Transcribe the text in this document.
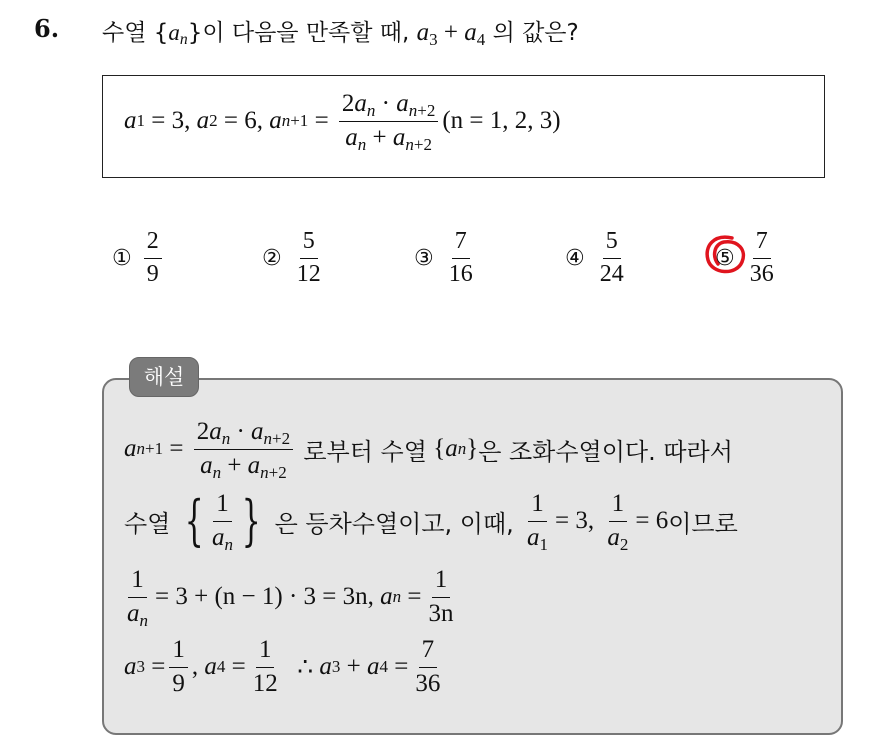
6. 수열 $\{a_n\}$이 다음을 만족할 때, $a_3 + a_4$ 의 값은?
a 1
= 3,
a 2
= 6,
a $n+1 = \frac{2a_n \cdot a_{n+2}}{a_n + a_{n+2}} (n = 1$, 2, 3)
① $\frac{2}{9}$	② $\frac{5}{12}$	③ $\frac{7}{16}$	④ $\frac{5}{24}$	⑤ $\frac{7}{36}$
해설
a $n+1 = \frac{2a_n \cdot a_{n+2}}{a_n + a_{n+2}}$
로부터 수열 { a n } 은 조화수열이다. 따라서
수열
{ $\frac{1}{a_n}$ }
은 등차수열이고, 이때,
$\frac{1}{a_1} = 3$,
$\frac{1}{a_2} = 6$ 이므로
$\frac{1}{a_n} = 3 + (n - 1) \cdot 3 = 3n$,
a n
= $\frac{1}{3n}$
a 3
= $\frac{1}{9}$ , a 4
= $\frac{1}{12}$
∴
a 3 + a $4 = \frac{7}{36}$
